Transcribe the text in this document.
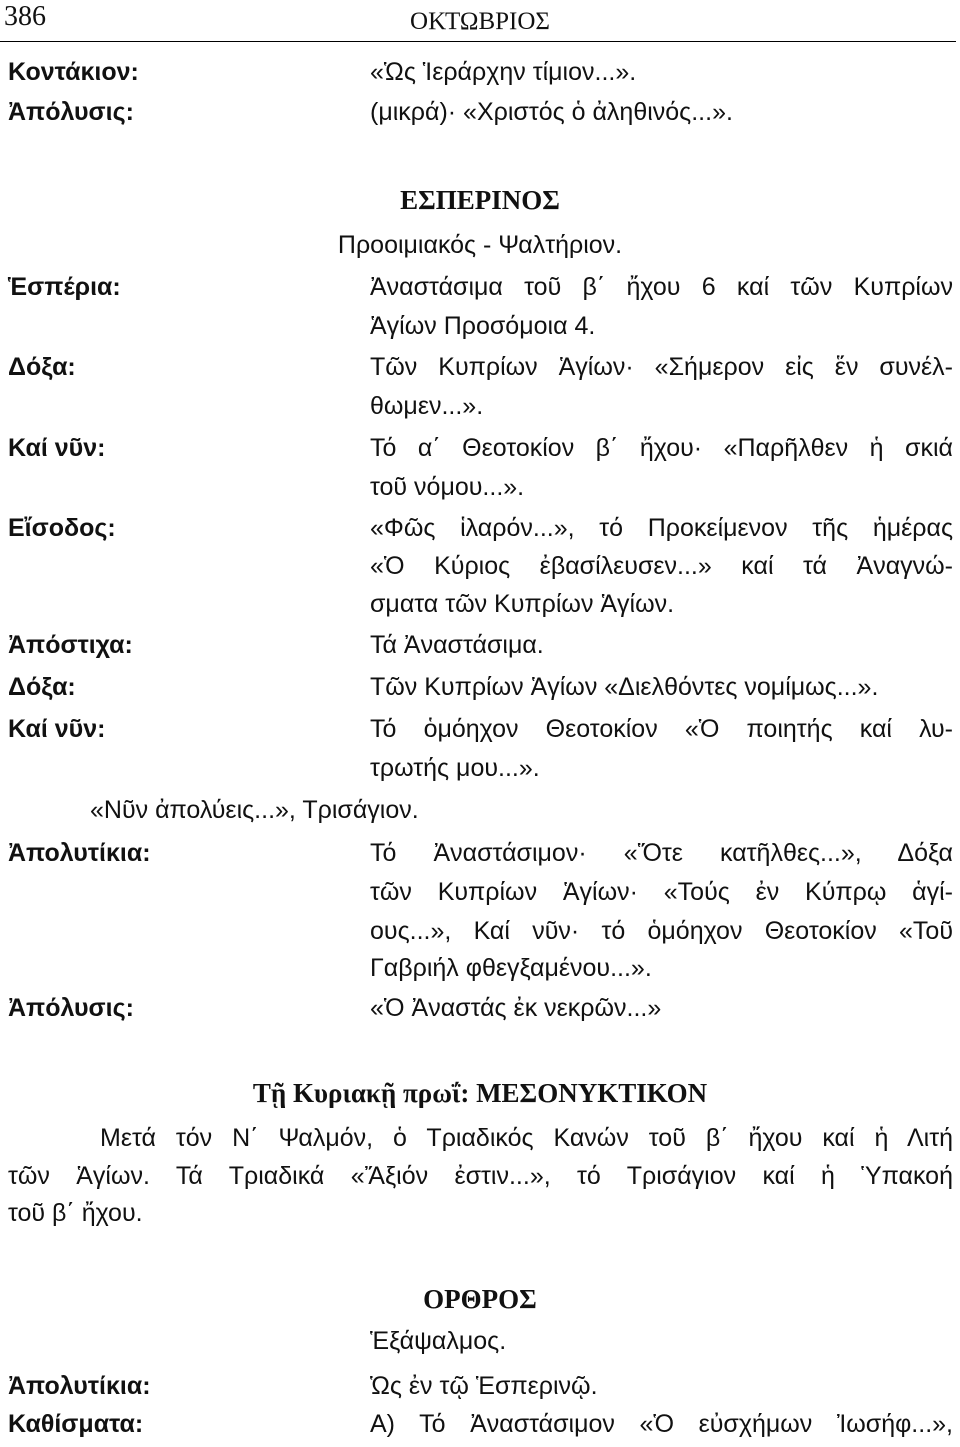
386	ΟΚΤΩΒΡΙΟΣ
Κοντάκιον:	«Ὡς Ἱεράρχην τίμιον...».
Ἀπόλυσις:	(μικρά)· «Χριστός ὁ ἀληθινός...».
ΕΣΠΕΡΙΝΟΣ
Προοιμιακός - Ψαλτήριον.
Ἑσπέρια:	Ἀναστάσιμα τοῦ β΄ ἤχου 6 καί τῶν Κυπρίων
Ἁγίων Προσόμοια 4.
Δόξα:	Τῶν Κυπρίων Ἁγίων· «Σήμερον εἰς ἕν συνέλ-
θωμεν...».
Καί νῦν:	Τό α΄ Θεοτοκίον β΄ ἤχου· «Παρῆλθεν ἡ σκιά
τοῦ νόμου...».
Εἴσοδος:	«Φῶς ἱλαρόν...», τό Προκείμενον τῆς ἡμέρας
«Ὁ Κύριος ἐβασίλευσεν...» καί τά Ἀναγνώ-
σματα τῶν Κυπρίων Ἁγίων.
Ἀπόστιχα:	Τά Ἀναστάσιμα.
Δόξα:	Τῶν Κυπρίων Ἁγίων «Διελθόντες νομίμως...».
Καί νῦν:	Τό ὁμόηχον Θεοτοκίον «Ὁ ποιητής καί λυ-
τρωτής μου...».
«Νῦν ἀπολύεις...», Τρισάγιον.
Ἀπολυτίκια:	Τό Ἀναστάσιμον· «Ὅτε κατῆλθες...», Δόξα
τῶν Κυπρίων Ἁγίων· «Τούς ἐν Κύπρῳ ἁγί-
ους...», Καί νῦν· τό ὁμόηχον Θεοτοκίον «Τοῦ
Γαβριήλ φθεγξαμένου...».
Ἀπόλυσις:	«Ὁ Ἀναστάς ἐκ νεκρῶν...»
Τῇ Κυριακῇ πρωΐ: ΜΕΣΟΝΥΚΤΙΚΟΝ
Μετά τόν Ν΄ Ψαλμόν, ὁ Τριαδικός Κανών τοῦ β΄ ἤχου καί ἡ Λιτή
τῶν Ἁγίων. Τά Τριαδικά «Ἄξιόν ἐστιν...», τό Τρισάγιον καί ἡ Ὑπακοή
τοῦ β΄ ἤχου.
ΟΡΘΡΟΣ
Ἑξάψαλμος.
Ἀπολυτίκια:	Ὡς ἐν τῷ Ἑσπερινῷ.
Καθίσματα:	Α) Τό Ἀναστάσιμον «Ὁ εὐσχήμων Ἰωσήφ...»,
